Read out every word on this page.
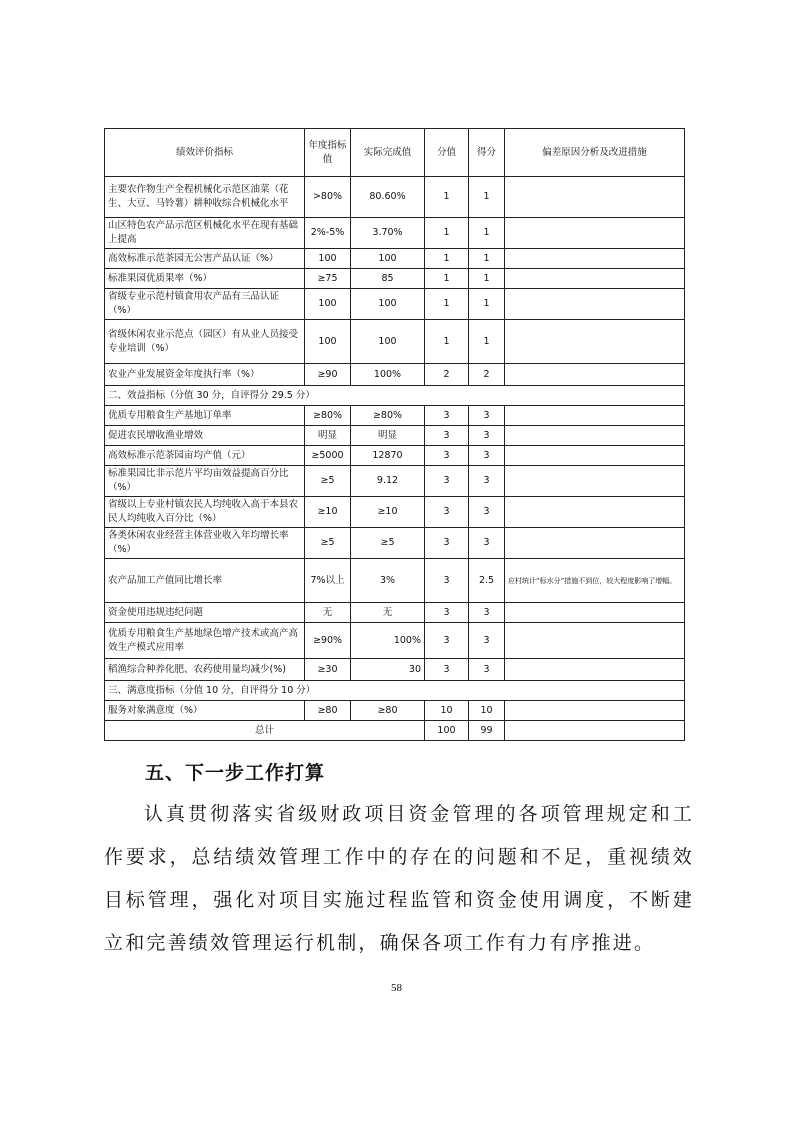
绩效评价指标	年度指标值	实际完成值	分值	得分	偏差原因分析及改进措施
主要农作物生产全程机械化示范区油菜（花生、大豆、马铃薯）耕种收综合机械化水平	>80%	80.60%	1	1	
山区特色农产品示范区机械化水平在现有基础上提高	2%-5%	3.70%	1	1	
高效标准示范茶园无公害产品认证（%）	100	100	1	1	
标准果园优质果率（%）	≥75	85	1	1	
省级专业示范村镇食用农产品有三品认证（%）	100	100	1	1	
省级休闲农业示范点（园区）有从业人员接受专业培训（%）	100	100	1	1	
农业产业发展资金年度执行率（%）	≥90	100%	2	2	
二、效益指标（分值 30 分，自评得分 29.5 分）					
优质专用粮食生产基地订单率	≥80%	≥80%	3	3	
促进农民增收渔业增效	明显	明显	3	3	
高效标准示范茶园亩均产值（元）	≥5000	12870	3	3	
标准果园比非示范片平均亩效益提高百分比（%）	≥5	9.12	3	3	
省级以上专业村镇农民人均纯收入高于本县农民人均纯收入百分比（%）	≥10	≥10	3	3	
各类休闲农业经营主体营业收入年均增长率（%）	≥5	≥5	3	3	
农产品加工产值同比增长率	7%以上	3%	3	2.5	应村统计“标水分”措施不到位，较大程度影响了增幅。
资金使用违规违纪问题	无	无	3	3	
优质专用粮食生产基地绿色增产技术或高产高效生产模式应用率	≥90%	100%	3	3	
稻渔综合种养化肥、农药使用量均减少(%)	≥30	30	3	3	
三、满意度指标（分值 10 分，自评得分 10 分）					
服务对象满意度（%）	≥80	≥80	10	10	
总计			100	99	
五、下一步工作打算
认真贯彻落实省级财政项目资金管理的各项管理规定和工作要求，总结绩效管理工作中的存在的问题和不足，重视绩效目标管理，强化对项目实施过程监管和资金使用调度，不断建立和完善绩效管理运行机制，确保各项工作有力有序推进。
58
